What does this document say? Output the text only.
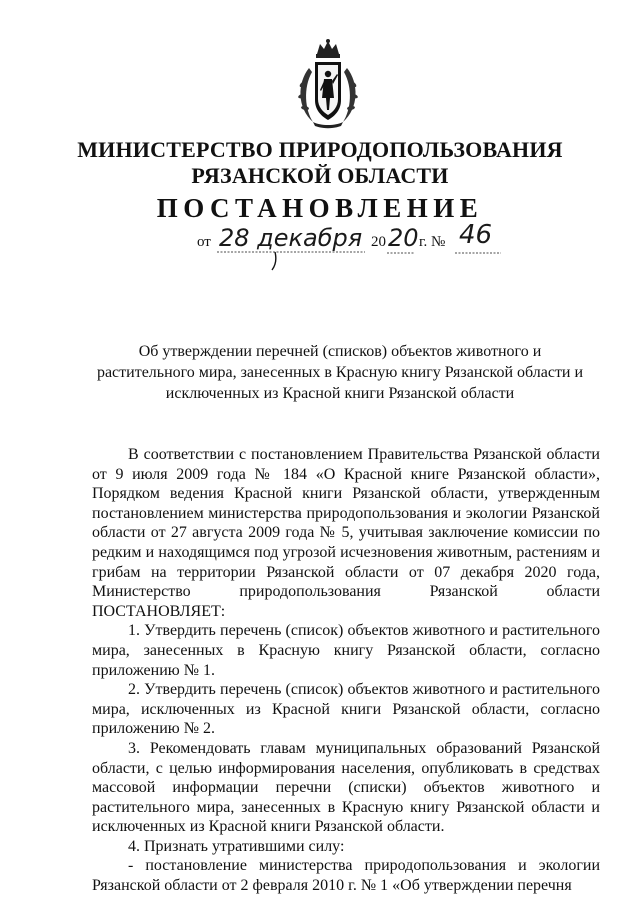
МИНИСТЕРСТВО ПРИРОДОПОЛЬЗОВАНИЯ
РЯЗАНСКОЙ ОБЛАСТИ
ПОСТАНОВЛЕНИЕ
от 28 декабря 20 20 г. № 46
Об утверждении перечней (списков) объектов животного и растительного мира, занесенных в Красную книгу Рязанской области и исключенных из Красной книги Рязанской области

В соответствии с постановлением Правительства Рязанской области от 9 июля 2009 года № 184 «О Красной книге Рязанской области», Порядком ведения Красной книги Рязанской области, утвержденным постановлением министерства природопользования и экологии Рязанской области от 27 августа 2009 года № 5, учитывая заключение комиссии по редким и находящимся под угрозой исчезновения животным, растениям и грибам на территории Рязанской области от 07 декабря 2020 года, Министерство природопользования Рязанской области ПОСТАНОВЛЯЕТ:

1. Утвердить перечень (список) объектов животного и растительного мира, занесенных в Красную книгу Рязанской области, согласно приложению № 1.

2. Утвердить перечень (список) объектов животного и растительного мира, исключенных из Красной книги Рязанской области, согласно приложению № 2.

3. Рекомендовать главам муниципальных образований Рязанской области, с целью информирования населения, опубликовать в средствах массовой информации перечни (списки) объектов животного и растительного мира, занесенных в Красную книгу Рязанской области и исключенных из Красной книги Рязанской области.

4. Признать утратившими силу:

- постановление министерства природопользования и экологии Рязанской области от 2 февраля 2010 г. № 1 «Об утверждении перечня
